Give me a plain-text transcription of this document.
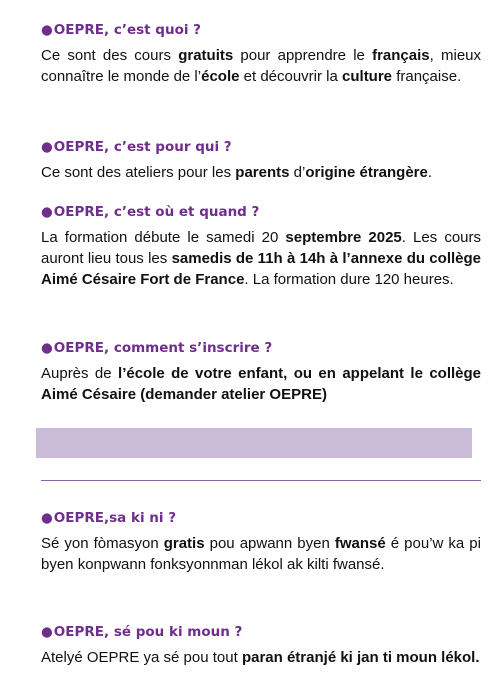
●OEPRE, c’est quoi ?

Ce sont des cours gratuits pour apprendre le français, mieux connaître le monde de l’école et découvrir la culture française.

●OEPRE, c’est pour qui ?

Ce sont des ateliers pour les parents d’origine étrangère.

●OEPRE, c’est où et quand ?

La formation débute le samedi 20 septembre 2025. Les cours auront lieu tous les samedis de 11h à 14h à l’annexe du collège Aimé Césaire Fort de France. La formation dure 120 heures.

●OEPRE, comment s’inscrire ?

Auprès de l’école de votre enfant, ou en appelant le collège Aimé Césaire (demander atelier OEPRE)

●OEPRE,sa ki ni ?

Sé yon fòmasyon gratis pou apwann byen fwansé é pou’w ka pi byen konpwann fonksyonnman lékol ak kilti fwansé.

●OEPRE, sé pou ki moun ?

Atelyé OEPRE ya sé pou tout paran étranjé ki jan ti moun lékol.
